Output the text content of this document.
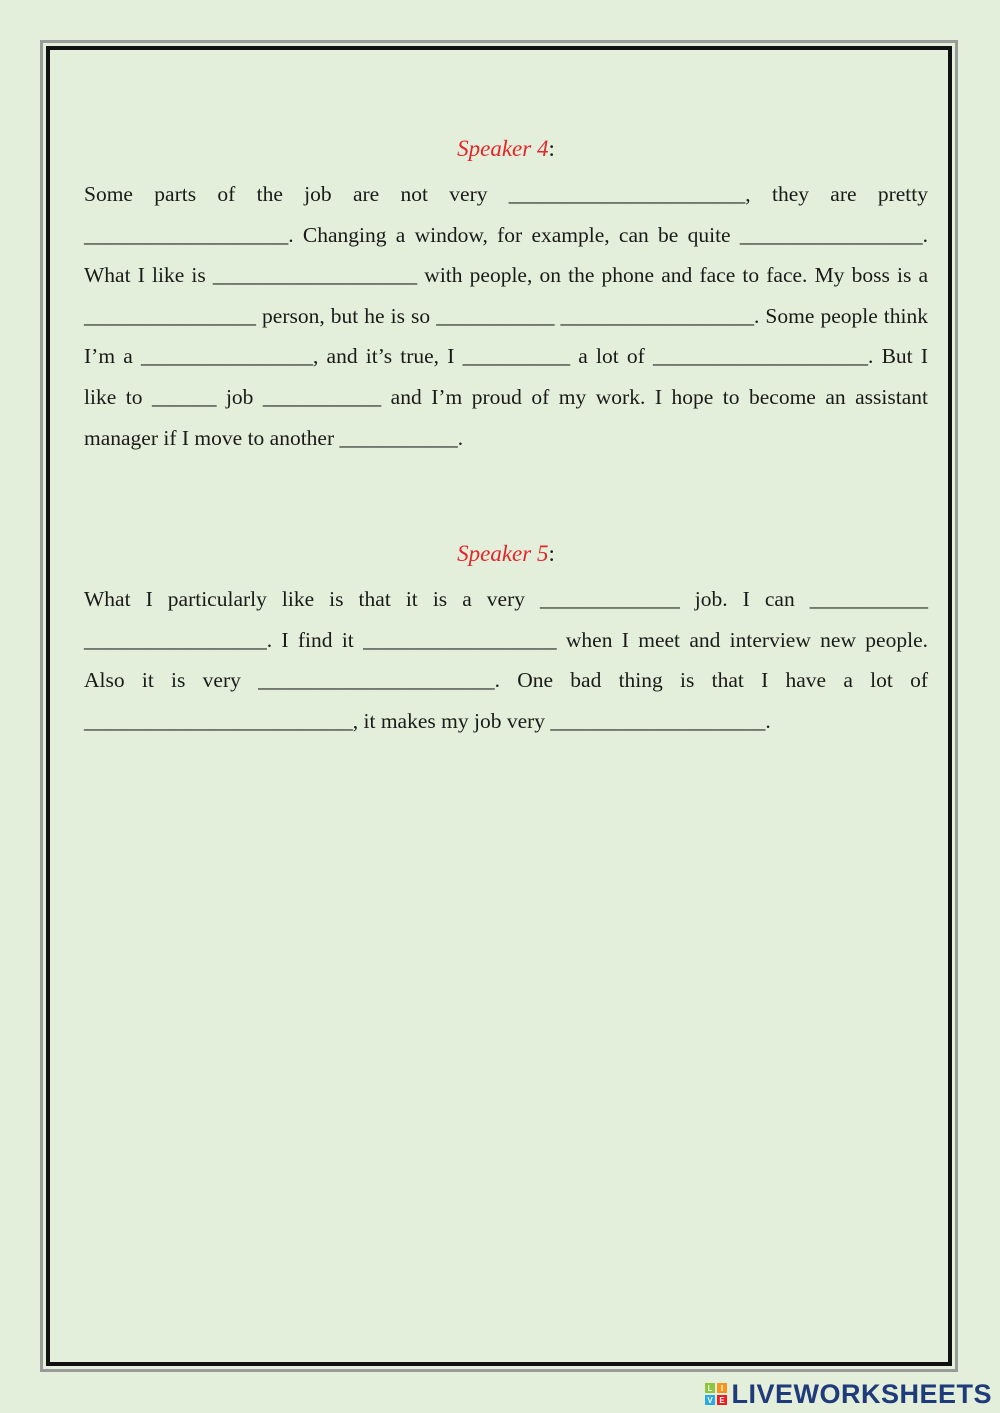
Speaker 4:

Some parts of the job are not very ______________________, they are pretty ___________________. Changing a window, for example, can be quite _________________. What I like is ___________________ with people, on the phone and face to face. My boss is a ________________ person, but he is so ___________ __________________. Some people think I’m a ________________, and it’s true, I __________ a lot of ____________________. But I like to ______ job ___________ and I’m proud of my work. I hope to become an assistant manager if I move to another ___________.

Speaker 5:

What I particularly like is that it is a very _____________ job. I can ___________ _________________. I find it __________________ when I meet and interview new people. Also it is very ______________________. One bad thing is that I have a lot of _________________________, it makes my job very ____________________.

L I
V E LIVEWORKSHEETS
